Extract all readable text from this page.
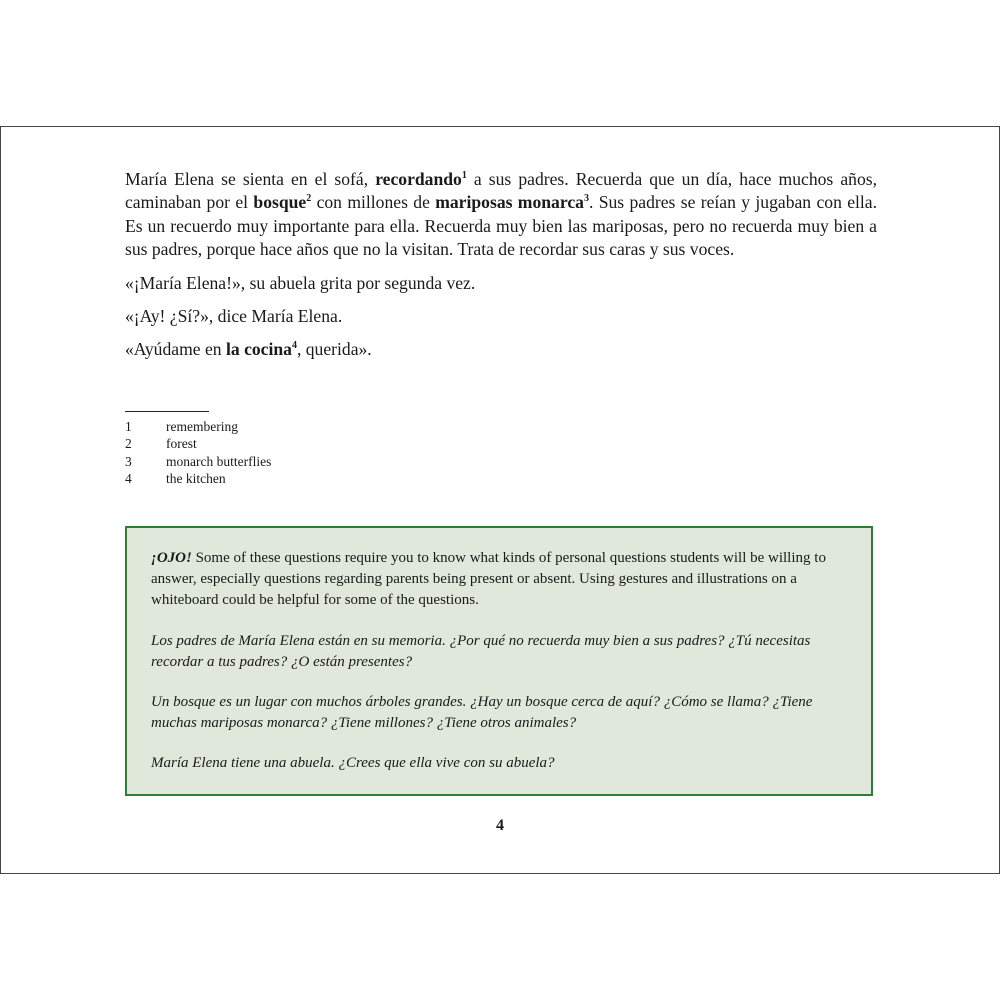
María Elena se sienta en el sofá, recordando$^1$ a sus padres. Recuerda que un día, hace muchos años, caminaban por el bosque$^2$ con millones de mariposas monarca$^3$. Sus padres se reían y jugaban con ella. Es un recuerdo muy importante para ella. Recuerda muy bien las mariposas, pero no recuerda muy bien a sus padres, porque hace años que no la visitan. Trata de recordar sus caras y sus voces.

«¡María Elena!», su abuela grita por segunda vez.

«¡Ay! ¿Sí?», dice María Elena.

«Ayúdame en la cocina$^4$, querida».

1	remembering
2	forest
3	monarch butterflies
4	the kitchen

¡OJO! Some of these questions require you to know what kinds of personal questions students will be willing to answer, especially questions regarding parents being present or absent. Using gestures and illustrations on a whiteboard could be helpful for some of the questions.

Los padres de María Elena están en su memoria. ¿Por qué no recuerda muy bien a sus padres? ¿Tú necesitas recordar a tus padres? ¿O están presentes?

Un bosque es un lugar con muchos árboles grandes. ¿Hay un bosque cerca de aquí? ¿Cómo se llama? ¿Tiene muchas mariposas monarca? ¿Tiene millones? ¿Tiene otros animales?

María Elena tiene una abuela. ¿Crees que ella vive con su abuela?

4
